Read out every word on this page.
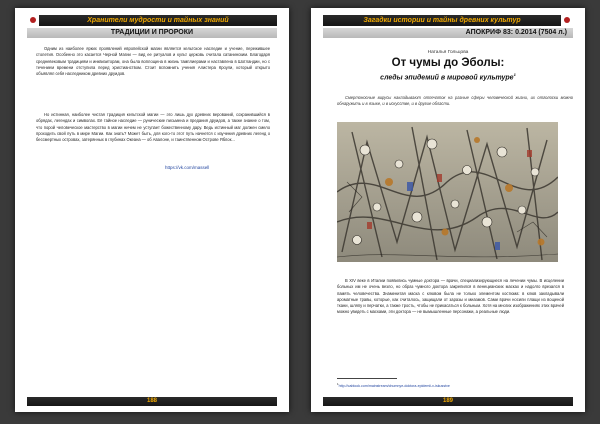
Хранители мудрости и тайных знаний
ТРАДИЦИИ И ПРОРОКИ

Одним из наиболее ярких проявлений европейской магии является кельтское наследие и учение, пережившее столетия. Особенно это касается Черной Магии — вид ее ритуалов и культ церковь считала сатанинским. Благодаря средневековым традициям и инквизиторам, она была воплощена в жизнь тамплиерами и наставлена в Шотландии, но с течением времени отступила перед христианством. Стоит вспомнить учения Алистера Кроули, который открыто объявлял себя наследником древних друидов.

Но истинная, наиболее чистая традиция кельтской магии — это лишь дух древних верований, сохранившийся в обрядах, легендах и символах. Её тайное наследие — рунические письмена и предания друидов, а также знание о том, что порой человеческое мастерство в магии ничем не уступает божественному дару. Ведь истинный маг должен смело проходить свой путь в мире Магии. Как знать? Может быть, для кого-то этот путь начнется с изучения древних легенд о бессмертных островах, затерянных в глубинах Океана — об Авалоне, и таинственном Острове Яблок...

https://vk.com/massell
188
Загадки истории и тайны древних культур
АПОКРИФ 83: 0.2014 (7504 л.)
Наталья Гольцова
От чумы до Эболы:
следы эпидемий в мировой культуре$^1$

Смертоносные вирусы накладывают отпечаток на разные сферы человеческой жизни, их отголоски можно обнаружить и в языке, и в искусстве, и в другие области.

В XIV веке в Италии появились чумные доктора — врачи, специализирующиеся на лечении чумы. В исцелении больных им не очень везло, но образ чумного доктора закрепился в венецианских масках и надолго врезался в память человечества. Знаменитая маска с клювом была не только элементом костюма: в клюв закладывали ароматные травы, которые, как считалось, защищали от заразы и миазмов. Сами врачи носили плащи из вощеной ткани, шляпу и перчатки, а также трость, чтобы не прикасаться к больным. Хотя на многих изображениях этих врачей можно увидеть с масками, эти доктора — не вымышленные персонажи, а реальные люди.

$^1$http://cablook.com/mainstream/chumnye-doktora-epidemii-v-iskusstve
189
